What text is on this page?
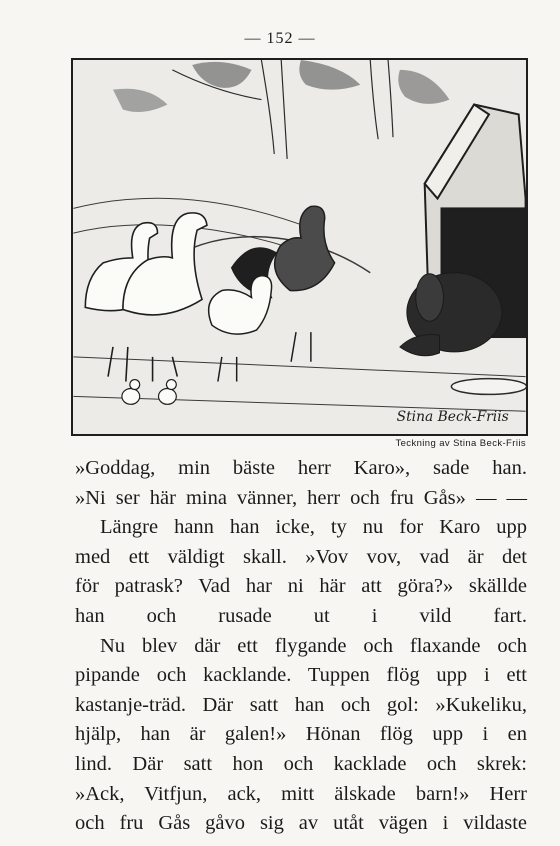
— 152 —
Stina Beck-Friis
Teckning av Stina Beck-Friis
»Goddag, min bäste herr Karo», sade han.
»Ni ser här mina vänner, herr och fru Gås» — —
Längre hann han icke, ty nu for Karo upp
med ett väldigt skall. »Vov vov, vad är det
för patrask? Vad har ni här att göra?» skällde
han och rusade ut i vild fart.
Nu blev där ett flygande och flaxande och
pipande och kacklande. Tuppen flög upp i ett
kastanje-träd. Där satt han och gol: »Kukeliku,
hjälp, han är galen!» Hönan flög upp i en
lind. Där satt hon och kacklade och skrek:
»Ack, Vitfjun, ack, mitt älskade barn!» Herr
och fru Gås gåvo sig av utåt vägen i vildaste
